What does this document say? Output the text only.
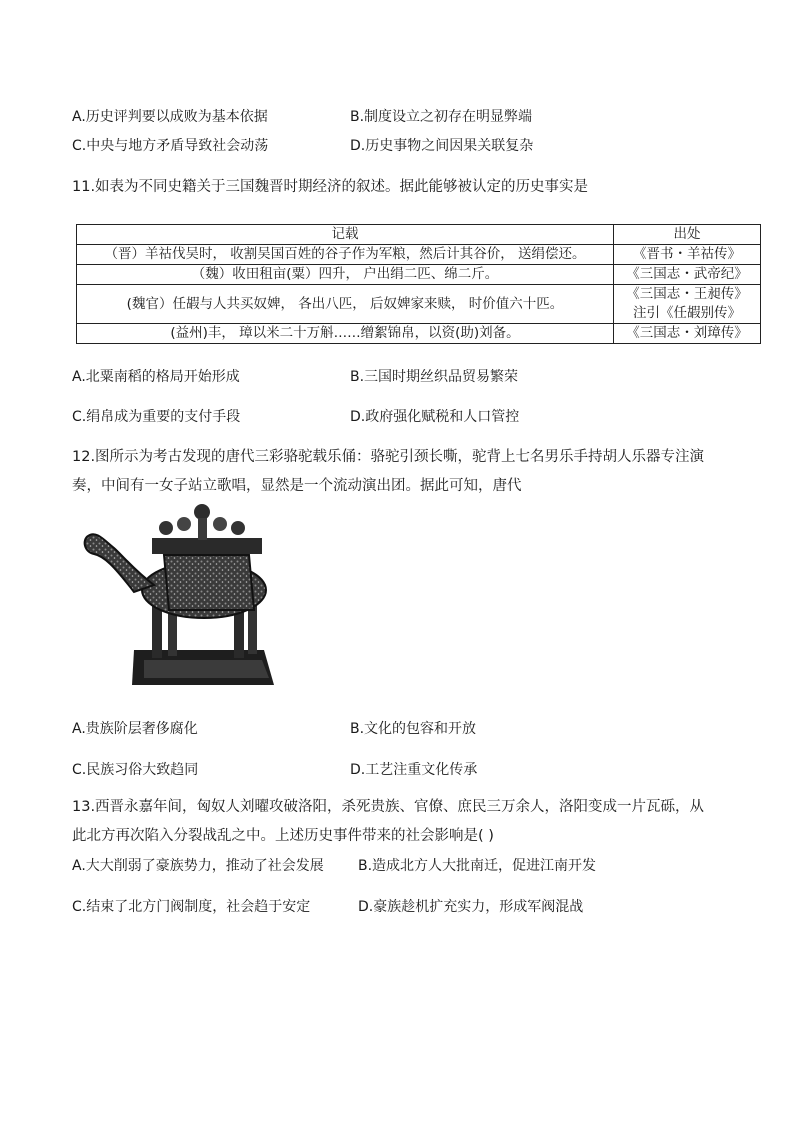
A.历史评判要以成败为基本依据	B.制度设立之初存在明显弊端
C.中央与地方矛盾导致社会动荡	D.历史事物之间因果关联复杂
11.如表为不同史籍关于三国魏晋时期经济的叙述。据此能够被认定的历史事实是
记载	出处
（晋）羊祜伐吴时， 收割吴国百姓的谷子作为军粮，然后计其谷价， 送绢偿还。	《晋书・羊祜传》
（魏）收田租亩(粟）四升， 户出绢二匹、绵二斤。	《三国志・武帝纪》
(魏官）任嘏与人共买奴婢， 各出八匹， 后奴婢家来赎， 时价值六十匹。	《三国志・王昶传》
注引《任嘏别传》

(益州)丰， 璋以米二十万斛……缯絮锦帛，以资(助)刘备。	《三国志・刘璋传》
A.北粟南稻的格局开始形成	B.三国时期丝织品贸易繁荣
C.绢帛成为重要的支付手段	D.政府强化赋税和人口管控
12.图所示为考古发现的唐代三彩骆驼载乐俑：骆驼引颈长嘶，驼背上七名男乐手持胡人乐器专注演
奏，中间有一女子站立歌唱，显然是一个流动演出团。据此可知，唐代
A.贵族阶层奢侈腐化	B.文化的包容和开放
C.民族习俗大致趋同	D.工艺注重文化传承
13.西晋永嘉年间，匈奴人刘曜攻破洛阳，杀死贵族、官僚、庶民三万余人，洛阳变成一片瓦砾，从
此北方再次陷入分裂战乱之中。上述历史事件带来的社会影响是( )
A.大大削弱了豪族势力，推动了社会发展 B.造成北方人大批南迁，促进江南开发
C.结束了北方门阀制度，社会趋于安定	D.豪族趁机扩充实力，形成军阀混战
